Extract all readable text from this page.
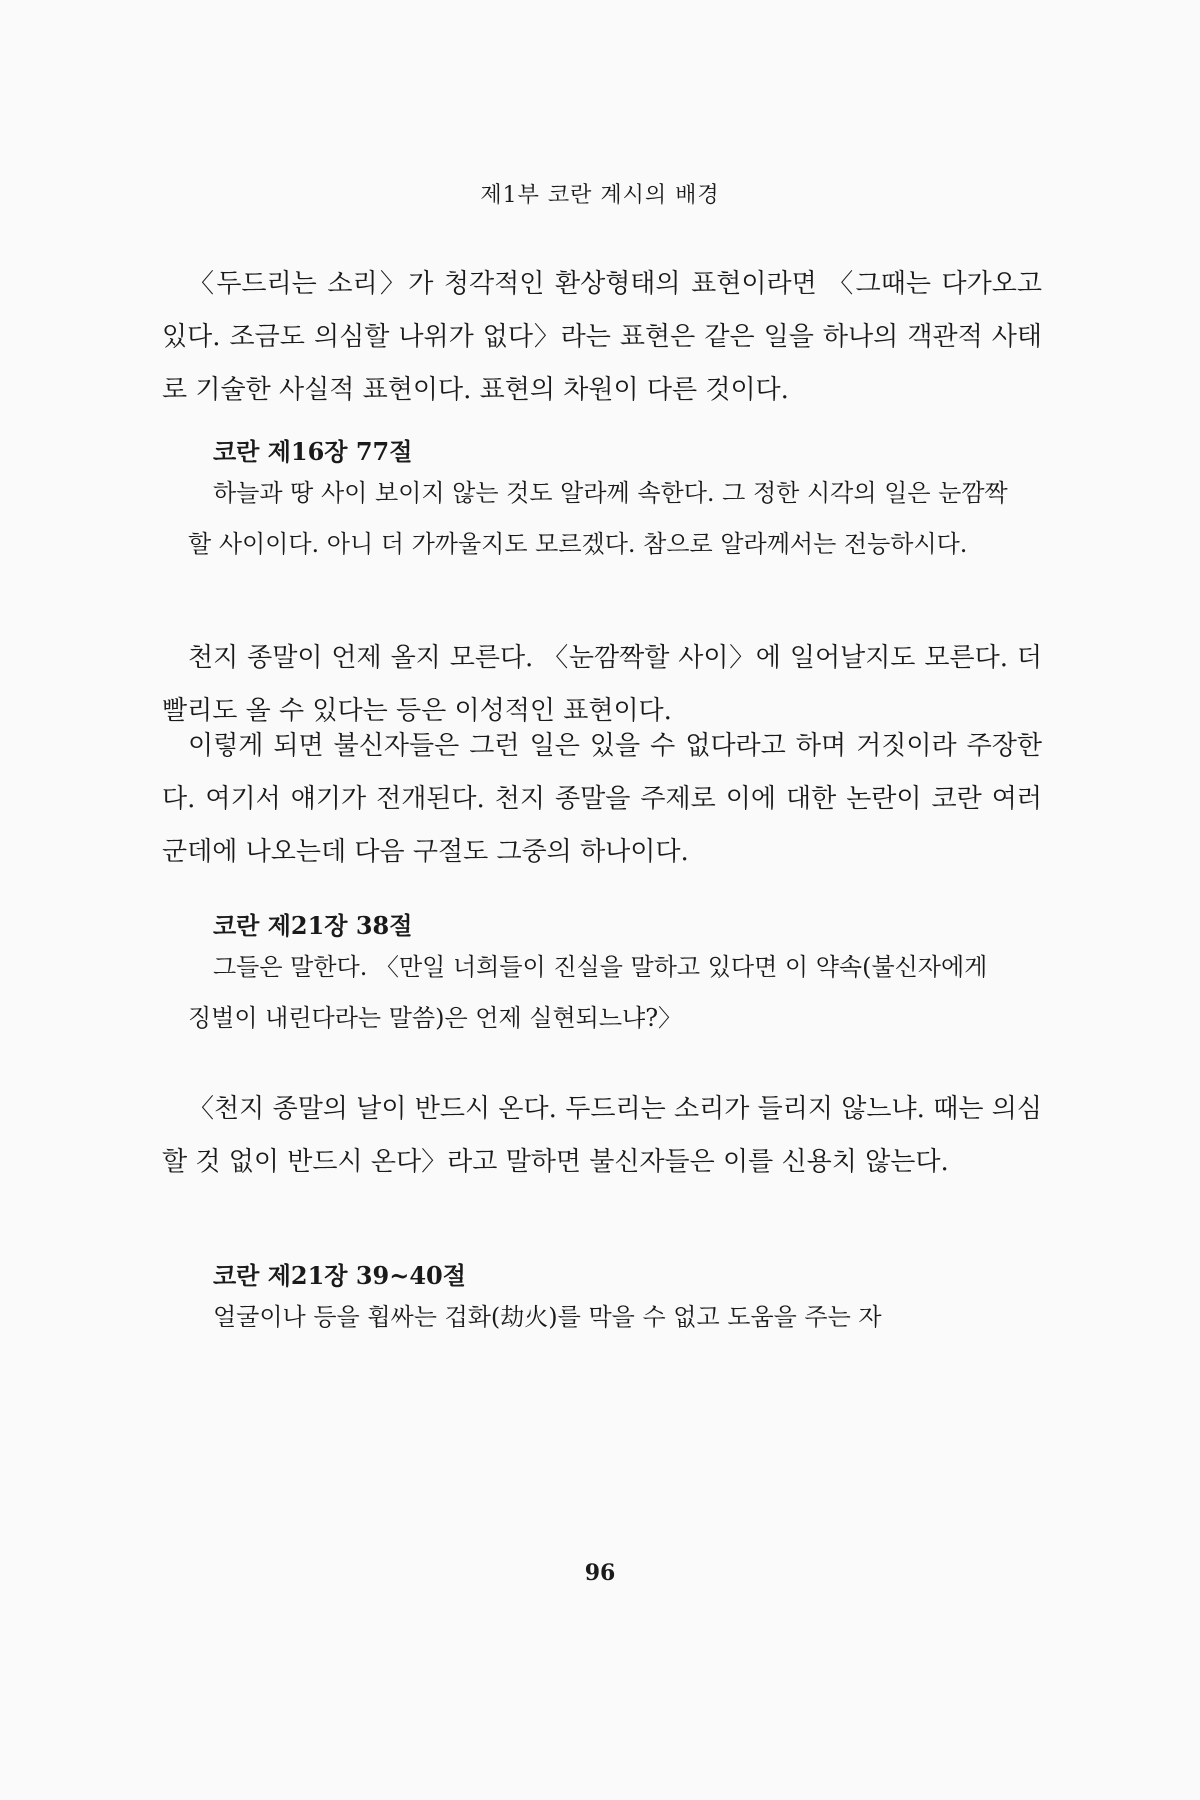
제1부 코란 계시의 배경

〈두드리는 소리〉가 청각적인 환상형태의 표현이라면 〈그때는 다가오고 있다. 조금도 의심할 나위가 없다〉라는 표현은 같은 일을 하나의 객관적 사태로 기술한 사실적 표현이다. 표현의 차원이 다른 것이다.

코란 제16장 77절

하늘과 땅 사이 보이지 않는 것도 알라께 속한다. 그 정한 시각의 일은 눈깜짝할 사이이다. 아니 더 가까울지도 모르겠다. 참으로 알라께서는 전능하시다.

천지 종말이 언제 올지 모른다. 〈눈깜짝할 사이〉에 일어날지도 모른다. 더 빨리도 올 수 있다는 등은 이성적인 표현이다.

이렇게 되면 불신자들은 그런 일은 있을 수 없다라고 하며 거짓이라 주장한다. 여기서 얘기가 전개된다. 천지 종말을 주제로 이에 대한 논란이 코란 여러 군데에 나오는데 다음 구절도 그중의 하나이다.

코란 제21장 38절

그들은 말한다. 〈만일 너희들이 진실을 말하고 있다면 이 약속(불신자에게 징벌이 내린다라는 말씀)은 언제 실현되느냐?〉

〈천지 종말의 날이 반드시 온다. 두드리는 소리가 들리지 않느냐. 때는 의심할 것 없이 반드시 온다〉라고 말하면 불신자들은 이를 신용치 않는다.

코란 제21장 39~40절

얼굴이나 등을 휩싸는 겁화(劫火)를 막을 수 없고 도움을 주는 자

96
